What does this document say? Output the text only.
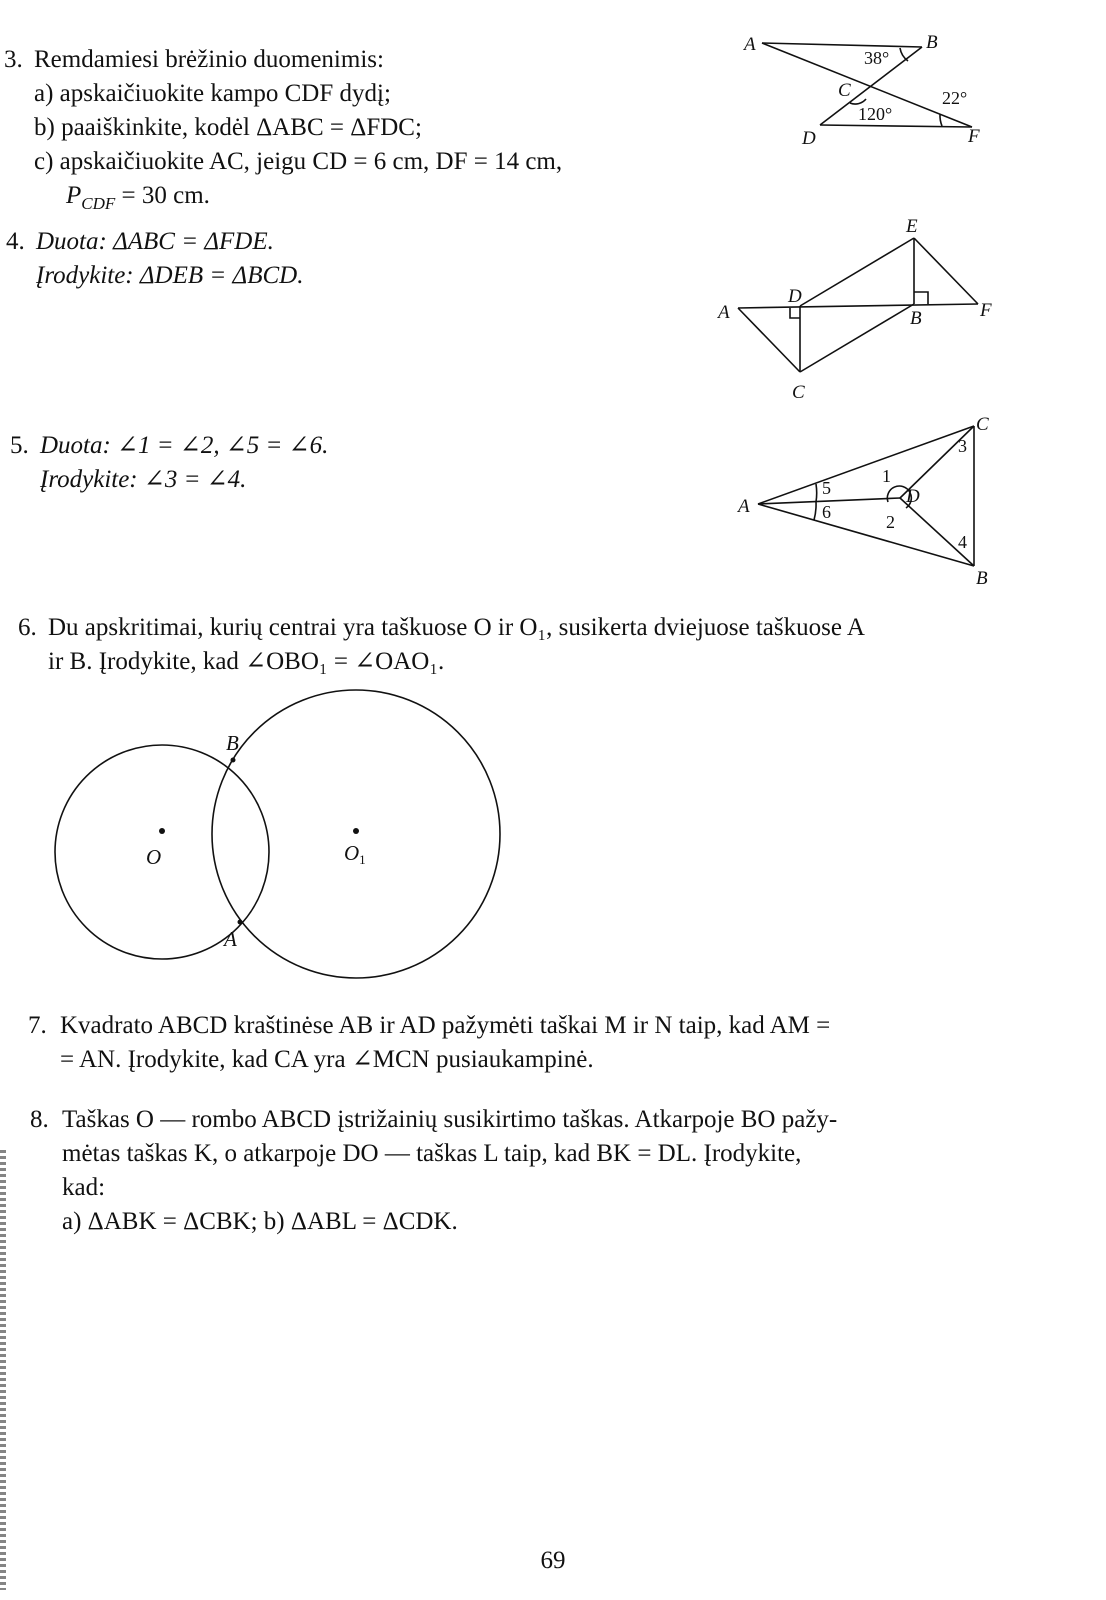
3. Remdamiesi brėžinio duomenimis:
a) apskaičiuokite kampo CDF dydį;
b) paaiškinkite, kodėl ΔABC = ΔFDC;
c) apskaičiuokite AC, jeigu CD = 6 cm, DF = 14 cm,
$P_{CDF} = 30$ cm.
A	B
C
D	F
38°
22°
120°
4. Duota: ΔABC = ΔFDE.
Įrodykite: ΔDEB = ΔBCD.
A	B
C
D
E
F
5. Duota: ∠1 = ∠2, ∠5 = ∠6.
Įrodykite: ∠3 = ∠4.	1
2
3
4
5
6
A
B
C
D
6. Du apskritimai, kurių centrai yra taškuose O ir O₁, susikerta dviejuose taškuose A
ir B. Įrodykite, kad ∠OBO₁ = ∠OAO₁.
O	O1
B
A
7. Kvadrato ABCD kraštinėse AB ir AD pažymėti taškai M ir N taip, kad AM =
= AN. Įrodykite, kad CA yra ∠MCN pusiaukampinė.
8. Taškas O — rombo ABCD įstrižainių susikirtimo taškas. Atkarpoje BO pažy-
mėtas taškas K, o atkarpoje DO — taškas L taip, kad BK = DL. Įrodykite,
kad:
a) ΔABK = ΔCBK; b) ΔABL = ΔCDK.
69
